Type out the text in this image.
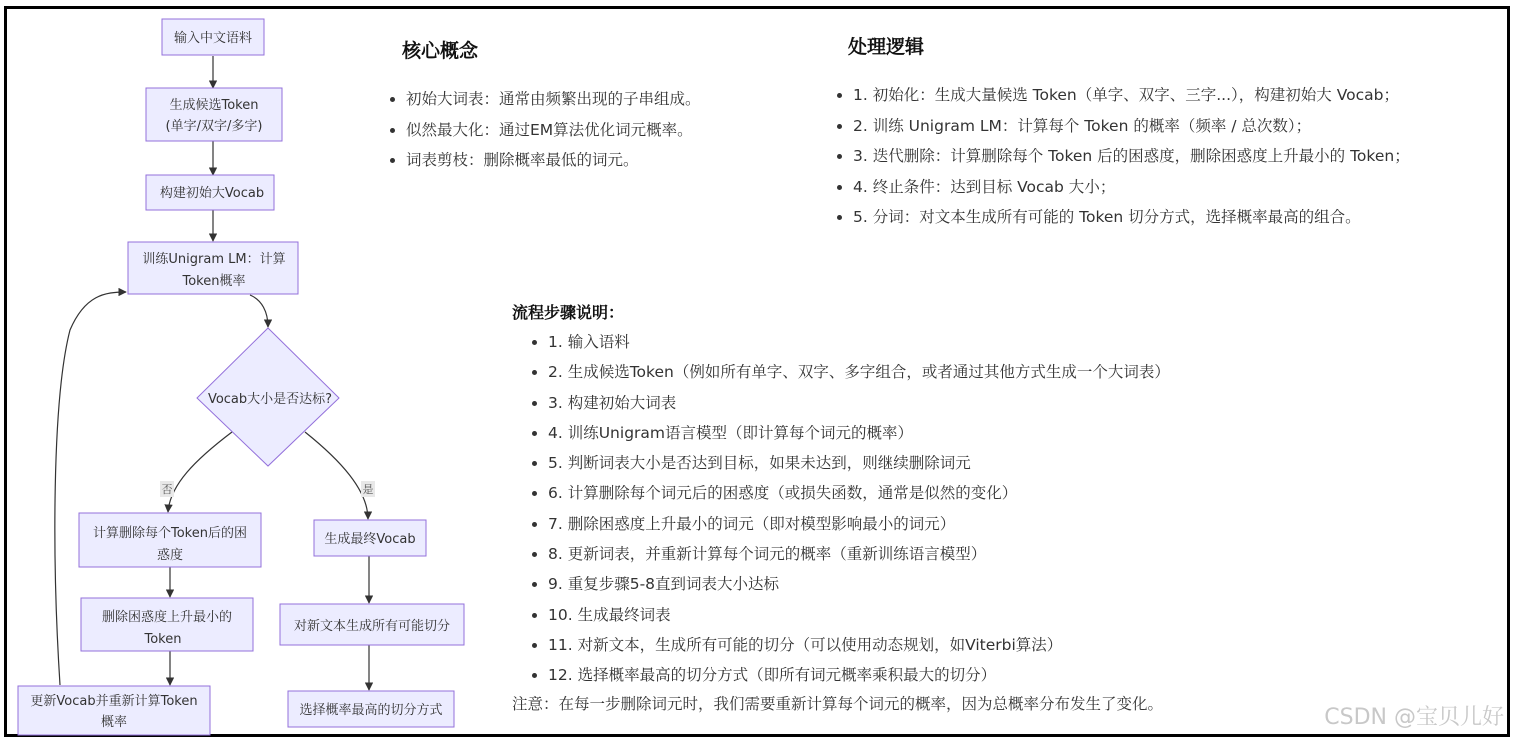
否	是
输入中文语料
生成候选Token
(单字/双字/多字)
构建初始大Vocab
训练Unigram LM：计算
Token概率
Vocab大小是否达标?
计算删除每个Token后的困
惑度
删除困惑度上升最小的
Token
更新Vocab并重新计算Token
概率
生成最终Vocab
对新文本生成所有可能切分
选择概率最高的切分方式
核心概念
• 初始大词表：通常由频繁出现的子串组成。
• 似然最大化：通过EM算法优化词元概率。
• 词表剪枝：删除概率最低的词元。
处理逻辑
• 1. 初始化：生成大量候选 Token（单字、双字、三字...），构建初始大 Vocab；
• 2. 训练 Unigram LM：计算每个 Token 的概率（频率 / 总次数）；
• 3. 迭代删除：计算删除每个 Token 后的困惑度，删除困惑度上升最小的 Token；
• 4. 终止条件：达到目标 Vocab 大小；
• 5. 分词：对文本生成所有可能的 Token 切分方式，选择概率最高的组合。
流程步骤说明：
• 1. 输入语料
• 2. 生成候选Token（例如所有单字、双字、多字组合，或者通过其他方式生成一个大词表）
• 3. 构建初始大词表
• 4. 训练Unigram语言模型（即计算每个词元的概率）
• 5. 判断词表大小是否达到目标，如果未达到，则继续删除词元
• 6. 计算删除每个词元后的困惑度（或损失函数，通常是似然的变化）
• 7. 删除困惑度上升最小的词元（即对模型影响最小的词元）
• 8. 更新词表，并重新计算每个词元的概率（重新训练语言模型）
• 9. 重复步骤5-8直到词表大小达标
• 10. 生成最终词表
• 11. 对新文本，生成所有可能的切分（可以使用动态规划，如Viterbi算法）
• 12. 选择概率最高的切分方式（即所有词元概率乘积最大的切分）
注意：在每一步删除词元时，我们需要重新计算每个词元的概率，因为总概率分布发生了变化。
CSDN @宝贝儿好
